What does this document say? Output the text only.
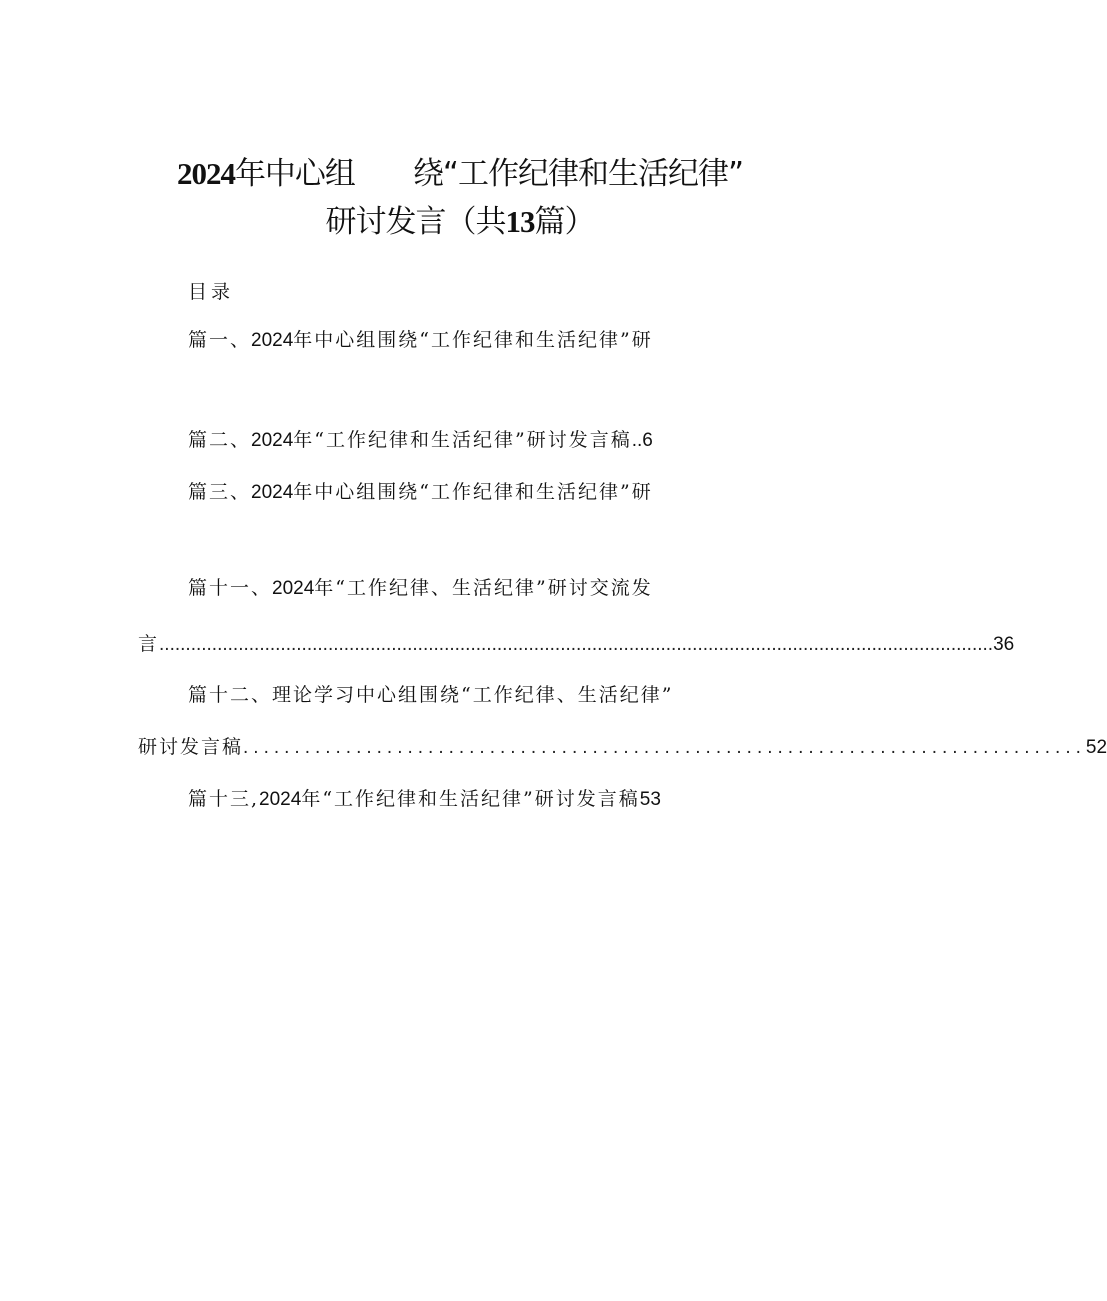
2024年中心组 绕“工作纪律和生活纪律”
研讨发言（共13篇）
目录
篇一、2024年中心组围绕“工作纪律和生活纪律”研
篇二、2024年“工作纪律和生活纪律”研讨发言稿..6
篇三、2024年中心组围绕“工作纪律和生活纪律”研
篇十一、2024年“工作纪律、生活纪律”研讨交流发
言 .............................................................................................................................................................. 36
篇十二、理论学习中心组围绕“工作纪律、生活纪律”
研讨发言稿 .................................................................................. 52
篇十三,2024年“工作纪律和生活纪律”研讨发言稿53
